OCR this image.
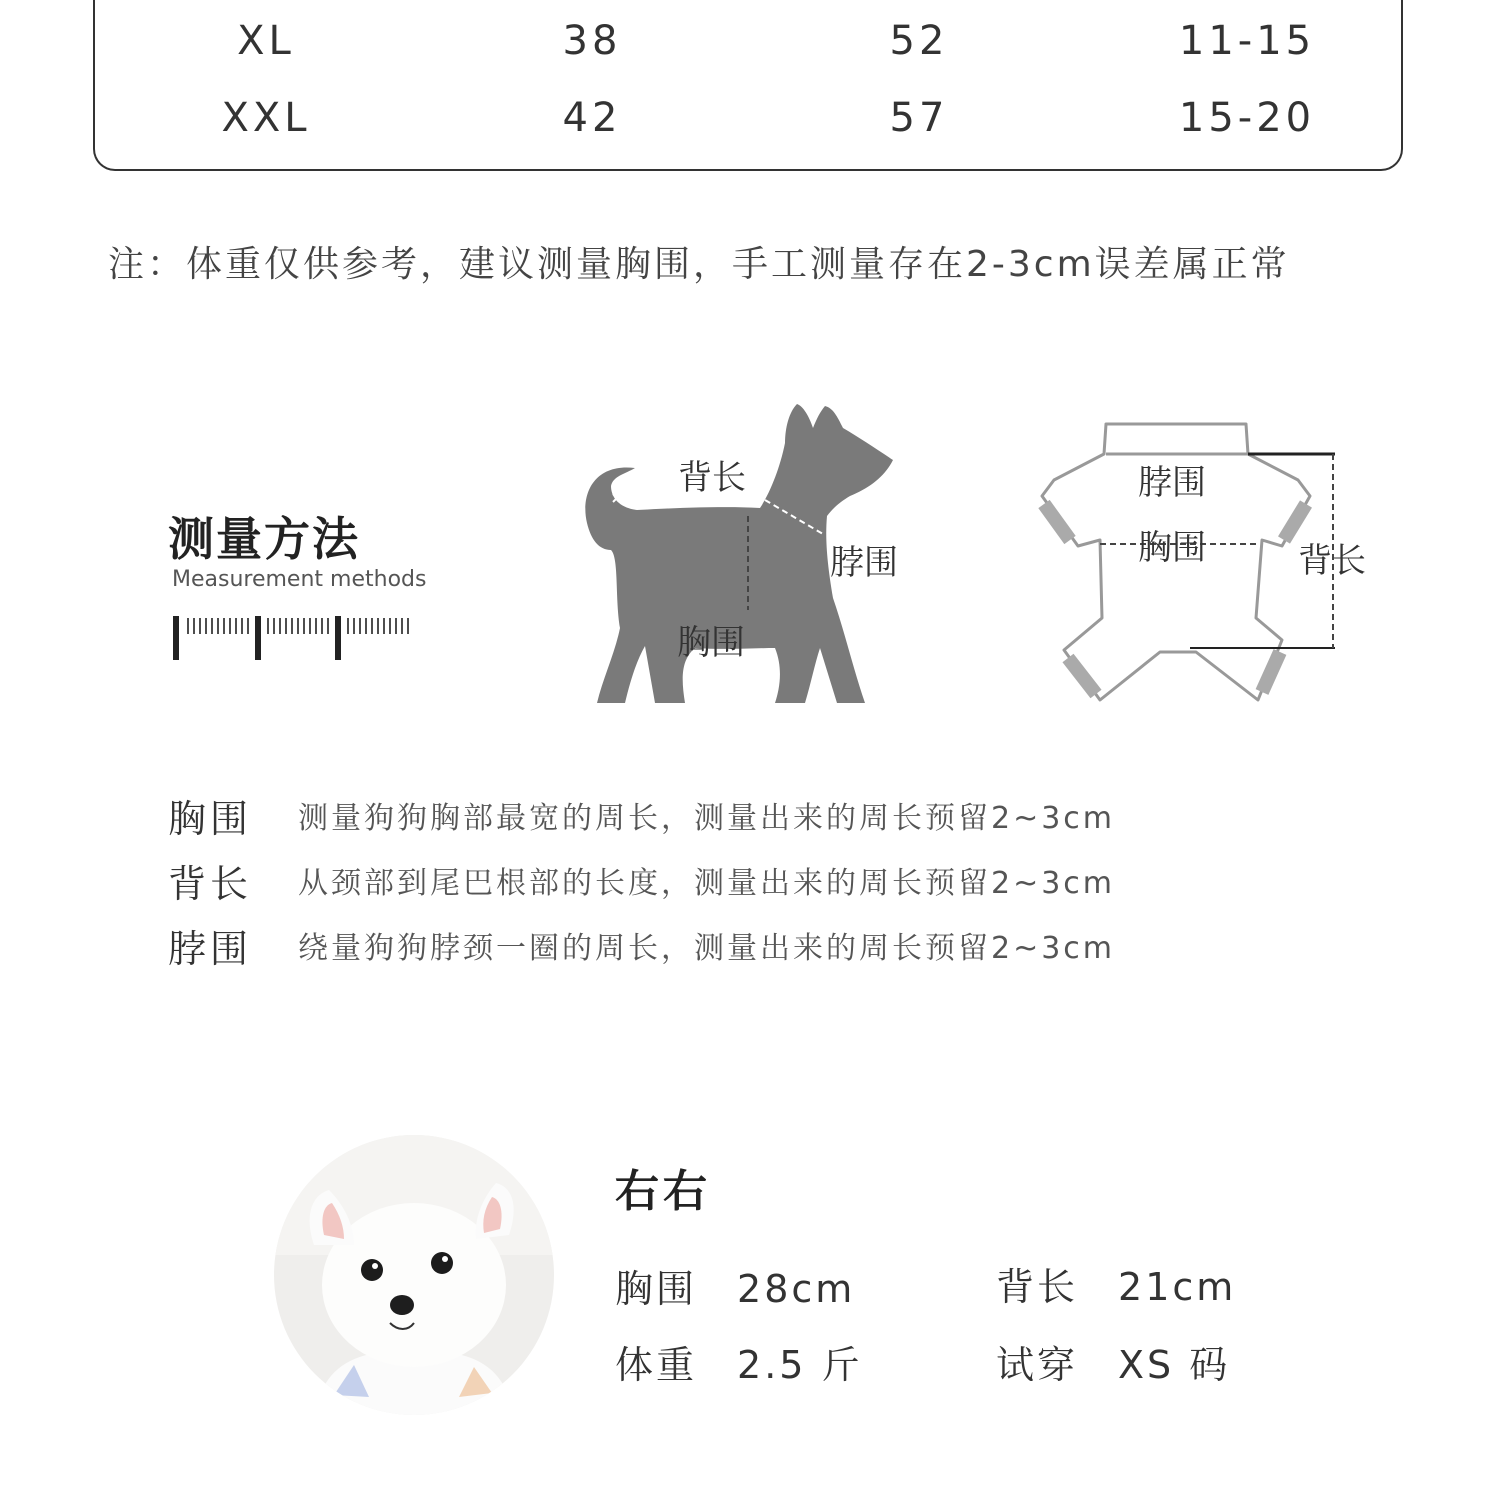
XL	38	52	11-15
XXL	42	57	15-20
注：体重仅供参考，建议测量胸围，手工测量存在2-3cm误差属正常
测量方法
Measurement methods
背长
脖围
胸围
脖围
胸围	背长
胸围	测量狗狗胸部最宽的周长，测量出来的周长预留2~3cm
背长	从颈部到尾巴根部的长度，测量出来的周长预留2~3cm
脖围	绕量狗狗脖颈一圈的周长，测量出来的周长预留2~3cm
右右
胸围 28cm	背长 21cm
体重 2.5 斤	试穿 XS 码
